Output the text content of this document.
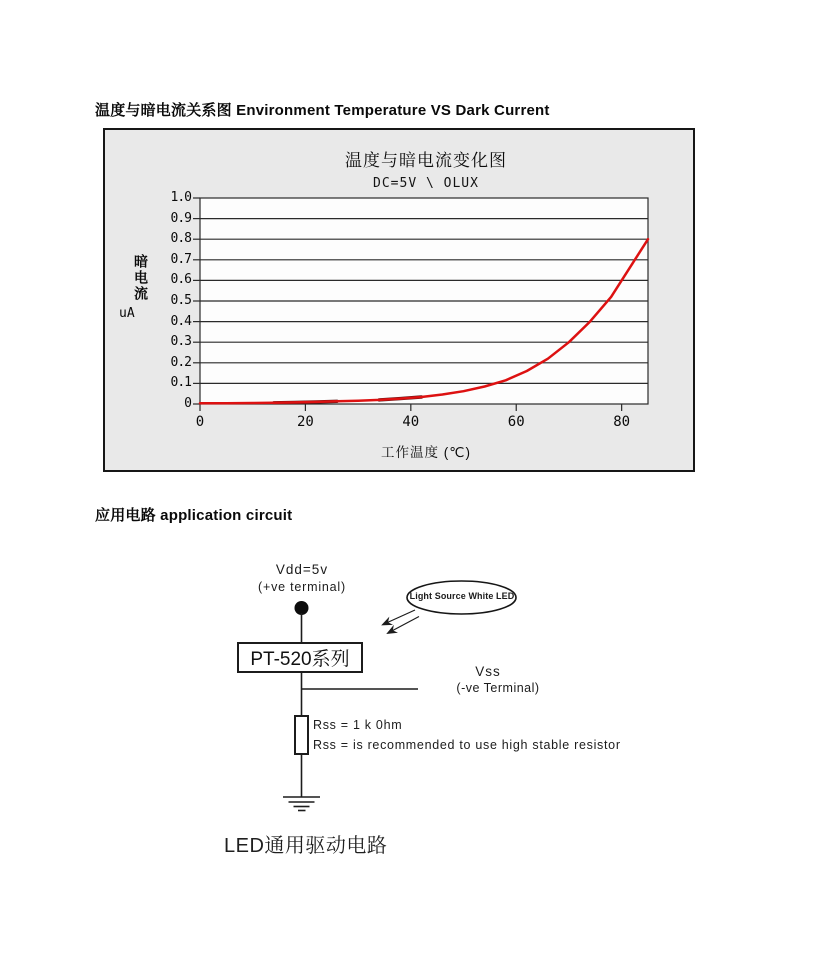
温度与暗电流关系图 Environment Temperature VS Dark Current
温度与暗电流变化图
DC=5V \ OLUX
暗电流
uA
0
0.1
0.2
0.3
0.4
0.5
0.6
0.7
0.8
0.9
1.0
0	20	40	60	80
工作温度 (℃)
应用电路 application circuit
Vdd=5v
(+ve terminal)
PT-520系列
Light Source White LED
Vss
(-ve Terminal)
Rss = 1 k 0hm
Rss = is recommended to use high stable resistor
LED通用驱动电路
